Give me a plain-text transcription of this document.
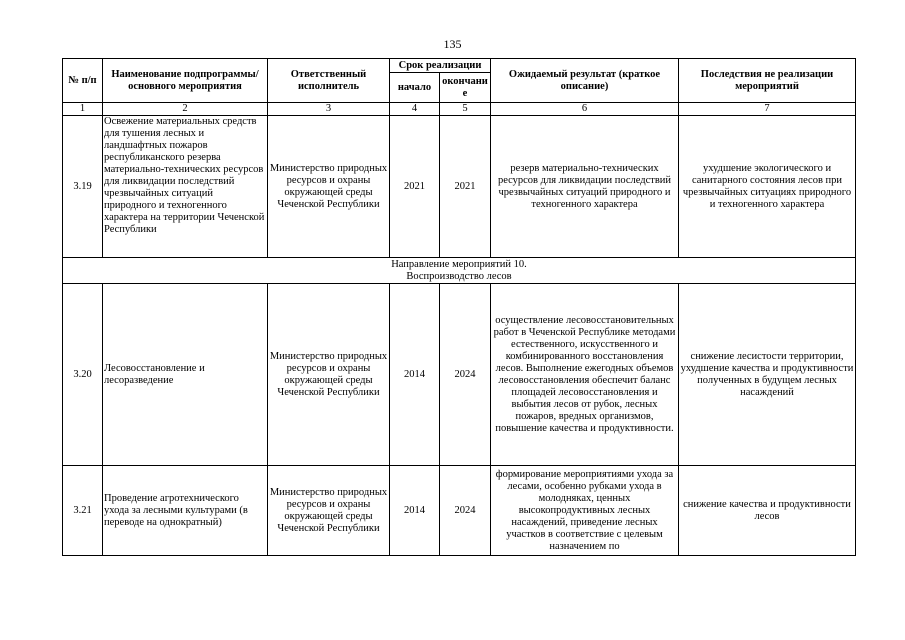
135
№ п/п	Наименование подпрограммы/ основного мероприятия	Ответственный исполнитель	Срок реализации		Ожидаемый результат (краткое описание)	Последствия не реализации мероприятий
			начало	окончание		
1	2	3	4	5	6	7
3.19	Освежение материальных средств для тушения лесных и ландшафтных пожаров республиканского резерва материально-технических ресурсов для ликвидации последствий чрезвычайных ситуаций природного и техногенного характера на территории Чеченской Республики	Министерство природных ресурсов и охраны окружающей среды Чеченской Республики	2021	2021	резерв материально-технических ресурсов для ликвидации последствий чрезвычайных ситуаций природного и техногенного характера	ухудшение экологического и санитарного состояния лесов при чрезвычайных ситуациях природного и техногенного характера

Направление мероприятий 10.
Воспроизводство лесов						

3.20	Лесовосстановление и лесоразведение	Министерство природных ресурсов и охраны окружающей среды Чеченской Республики	2014	2024	осуществление лесовосстановительных работ в Чеченской Республике методами естественного, искусственного и комбинированного восстановления лесов. Выполнение ежегодных объемов лесовосстановления обеспечит баланс площадей лесовосстановления и выбытия лесов от рубок, лесных пожаров, вредных организмов, повышение качества и продуктивности.	снижение лесистости территории, ухудшение качества и продуктивности полученных в будущем лесных насаждений
3.21	Проведение агротехнического ухода за лесными культурами (в переводе на однократный)	Министерство природных ресурсов и охраны окружающей среды Чеченской Республики	2014	2024	формирование мероприятиями ухода за лесами, особенно рубками ухода в молодняках, ценных высокопродуктивных лесных насаждений, приведение лесных участков в соответствие с целевым назначением по	снижение качества и продуктивности лесов
